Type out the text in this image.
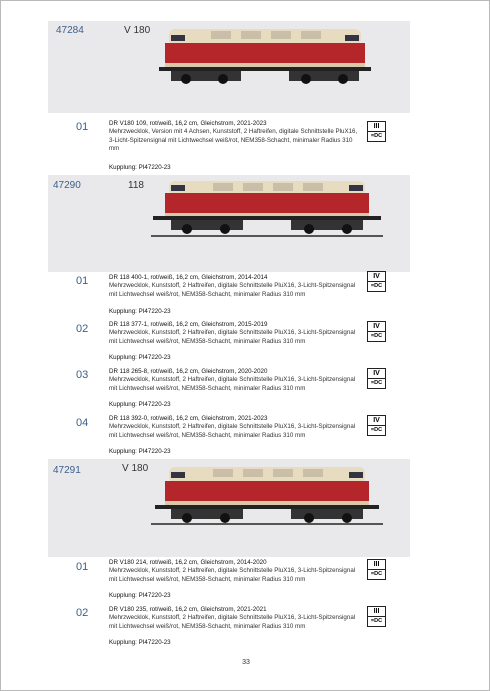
47284	V 180
01	DR V180 109, rot/weiß, 16,2 cm, Gleichstrom, 2021-2023
Mehrzwecklok, Version mit 4 Achsen, Kunststoff, 2 Haftreifen, digitale Schnittstelle PluX16, 3-Licht-Spitzensignal mit Lichtwechsel weiß/rot, NEM358-Schacht, minimaler Radius 310 mm
Kupplung: PI47220-23
III
=DC
47290	118
01	DR 118 400-1, rot/weiß, 16,2 cm, Gleichstrom, 2014-2014
Mehrzwecklok, Kunststoff, 2 Haftreifen, digitale Schnittstelle PluX16, 3-Licht-Spitzensignal mit Lichtwechsel weiß/rot, NEM358-Schacht, minimaler Radius 310 mm
Kupplung: PI47220-23
IV
=DC
02	DR 118 377-1, rot/weiß, 16,2 cm, Gleichstrom, 2015-2019
Mehrzwecklok, Kunststoff, 2 Haftreifen, digitale Schnittstelle PluX16, 3-Licht-Spitzensignal mit Lichtwechsel weiß/rot, NEM358-Schacht, minimaler Radius 310 mm
Kupplung: PI47220-23
IV
=DC
03	DR 118 265-8, rot/weiß, 16,2 cm, Gleichstrom, 2020-2020
Mehrzwecklok, Kunststoff, 2 Haftreifen, digitale Schnittstelle PluX16, 3-Licht-Spitzensignal mit Lichtwechsel weiß/rot, NEM358-Schacht, minimaler Radius 310 mm
Kupplung: PI47220-23
IV
=DC
04	DR 118 392-0, rot/weiß, 16,2 cm, Gleichstrom, 2021-2023
Mehrzwecklok, Kunststoff, 2 Haftreifen, digitale Schnittstelle PluX16, 3-Licht-Spitzensignal mit Lichtwechsel weiß/rot, NEM358-Schacht, minimaler Radius 310 mm
Kupplung: PI47220-23
IV
=DC
47291	V 180
01	DR V180 214, rot/weiß, 16,2 cm, Gleichstrom, 2014-2020
Mehrzwecklok, Kunststoff, 2 Haftreifen, digitale Schnittstelle PluX16, 3-Licht-Spitzensignal mit Lichtwechsel weiß/rot, NEM358-Schacht, minimaler Radius 310 mm
Kupplung: PI47220-23
III
=DC
02	DR V180 235, rot/weiß, 16,2 cm, Gleichstrom, 2021-2021
Mehrzwecklok, Kunststoff, 2 Haftreifen, digitale Schnittstelle PluX16, 3-Licht-Spitzensignal mit Lichtwechsel weiß/rot, NEM358-Schacht, minimaler Radius 310 mm
Kupplung: PI47220-23
III
=DC
33
